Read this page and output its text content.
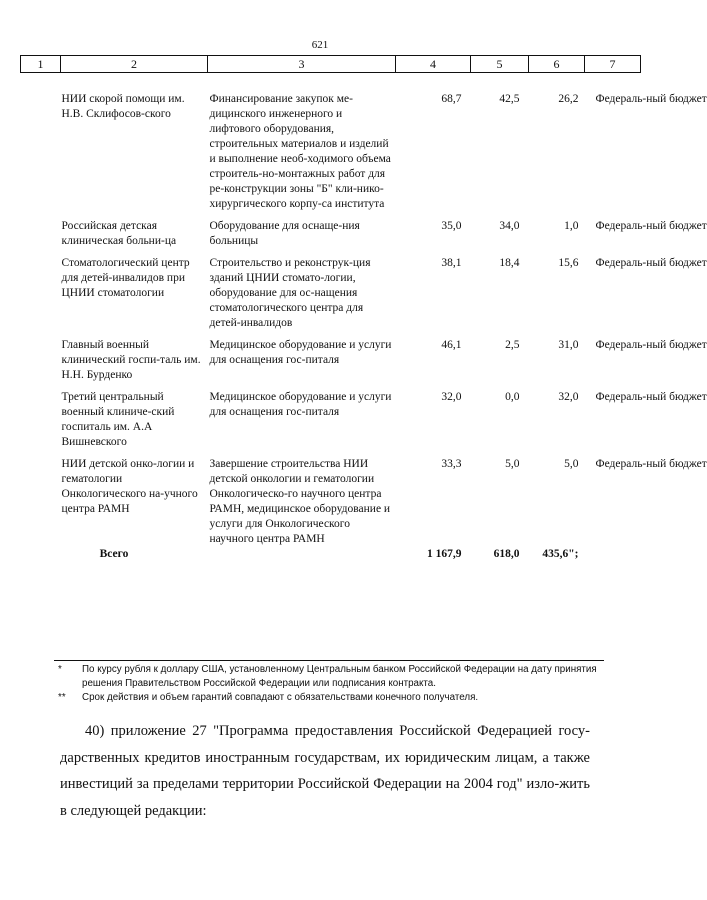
621
1	2	3	4	5	6	7

НИИ скорой помощи им. Н.В. Склифосов-ского		Финансирование закупок ме-дицинского инженерного и лифтового оборудования, строительных материалов и изделий и выполнение необ-ходимого объема строитель-но-монтажных работ для ре-конструкции зоны "Б" кли-нико-хирургического корпу-са института	68,7	42,5	26,2	Федераль-ный бюджет
Российская детская клиническая больни-ца		Оборудование для оснаще-ния больницы	35,0	34,0	1,0	Федераль-ный бюджет
Стоматологический центр для детей-инвалидов при ЦНИИ стоматологии		Строительство и реконструк-ция зданий ЦНИИ стомато-логии, оборудование для ос-нащения стоматологического центра для детей-инвалидов	38,1	18,4	15,6	Федераль-ный бюджет
Главный военный клинический госпи-таль им. Н.Н. Бурденко		Медицинское оборудование и услуги для оснащения гос-питаля	46,1	2,5	31,0	Федераль-ный бюджет
Третий центральный военный клиниче-ский госпиталь им. А.А Вишневского		Медицинское оборудование и услуги для оснащения гос-питаля	32,0	0,0	32,0	Федераль-ный бюджет
НИИ детской онко-логии и гематологии Онкологического на-учного центра РАМН		Завершение строительства НИИ детской онкологии и гематологии Онкологическо-го научного центра РАМН, медицинское оборудование и услуги для Онкологического научного центра РАМН	33,3	5,0	5,0	Федераль-ный бюджет
Всего			1 167,9	618,0	435,6";	
* По курсу рубля к доллару США, установленному Центральным банком Российской Федерации на дату принятия решения Правительством Российской Федерации или подписания контракта.
** Срок действия и объем гарантий совпадают с обязательствами конечного получателя.

40) приложение 27 "Программа предоставления Российской Федерацией госу-дарственных кредитов иностранным государствам, их юридическим лицам, а также инвестиций за пределами территории Российской Федерации на 2004 год" изло-жить в следующей редакции:
